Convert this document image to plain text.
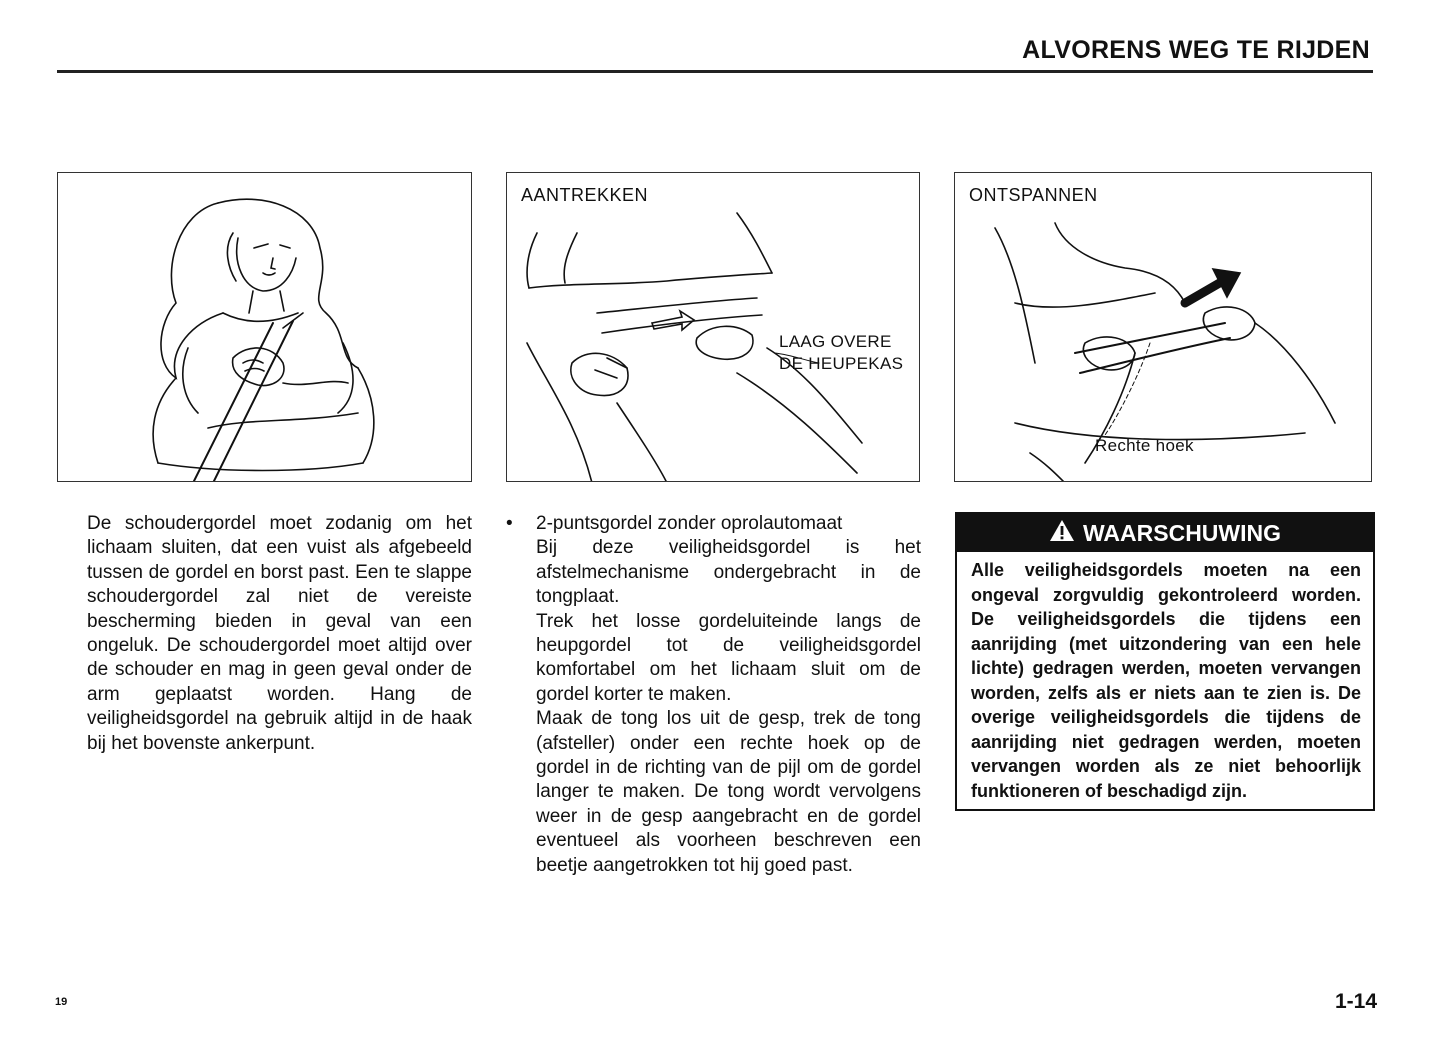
ALVORENS WEG TE RIJDEN
AANTREKKEN
LAAG OVERE
DE HEUPEKAS
ONTSPANNEN
Rechte hoek

De schoudergordel moet zodanig om het lichaam sluiten, dat een vuist als afgebeeld tussen de gordel en borst past. Een te slappe schoudergordel zal niet de vereiste bescherming bieden in geval van een ongeluk. De schoudergordel moet altijd over de schouder en mag in geen geval onder de arm geplaatst worden. Hang de veiligheidsgordel na gebruik altijd in de haak bij het bovenste ankerpunt.

• 2-puntsgordel zonder oprolautomaat

Bij deze veiligheidsgordel is het afstelmechanisme ondergebracht in de tongplaat.

Trek het losse gordeluiteinde langs de heupgordel tot de veiligheidsgordel komfortabel om het lichaam sluit om de gordel korter te maken.

Maak de tong los uit de gesp, trek de tong (afsteller) onder een rechte hoek op de gordel in de richting van de pijl om de gordel langer te maken. De tong wordt vervolgens weer in de gesp aangebracht en de gordel eventueel als voorheen beschreven een beetje aangetrokken tot hij goed past.

WAARSCHUWING
Alle veiligheidsgordels moeten na een ongeval zorgvuldig gekontroleerd worden. De veiligheidsgordels die tijdens een aanrijding (met uitzondering van een hele lichte) gedragen werden, moeten vervangen worden, zelfs als er niets aan te zien is. De overige veiligheidsgordels die tijdens de aanrijding niet gedragen werden, moeten vervangen worden als ze niet behoorlijk funktioneren of beschadigd zijn.
19	1-14
